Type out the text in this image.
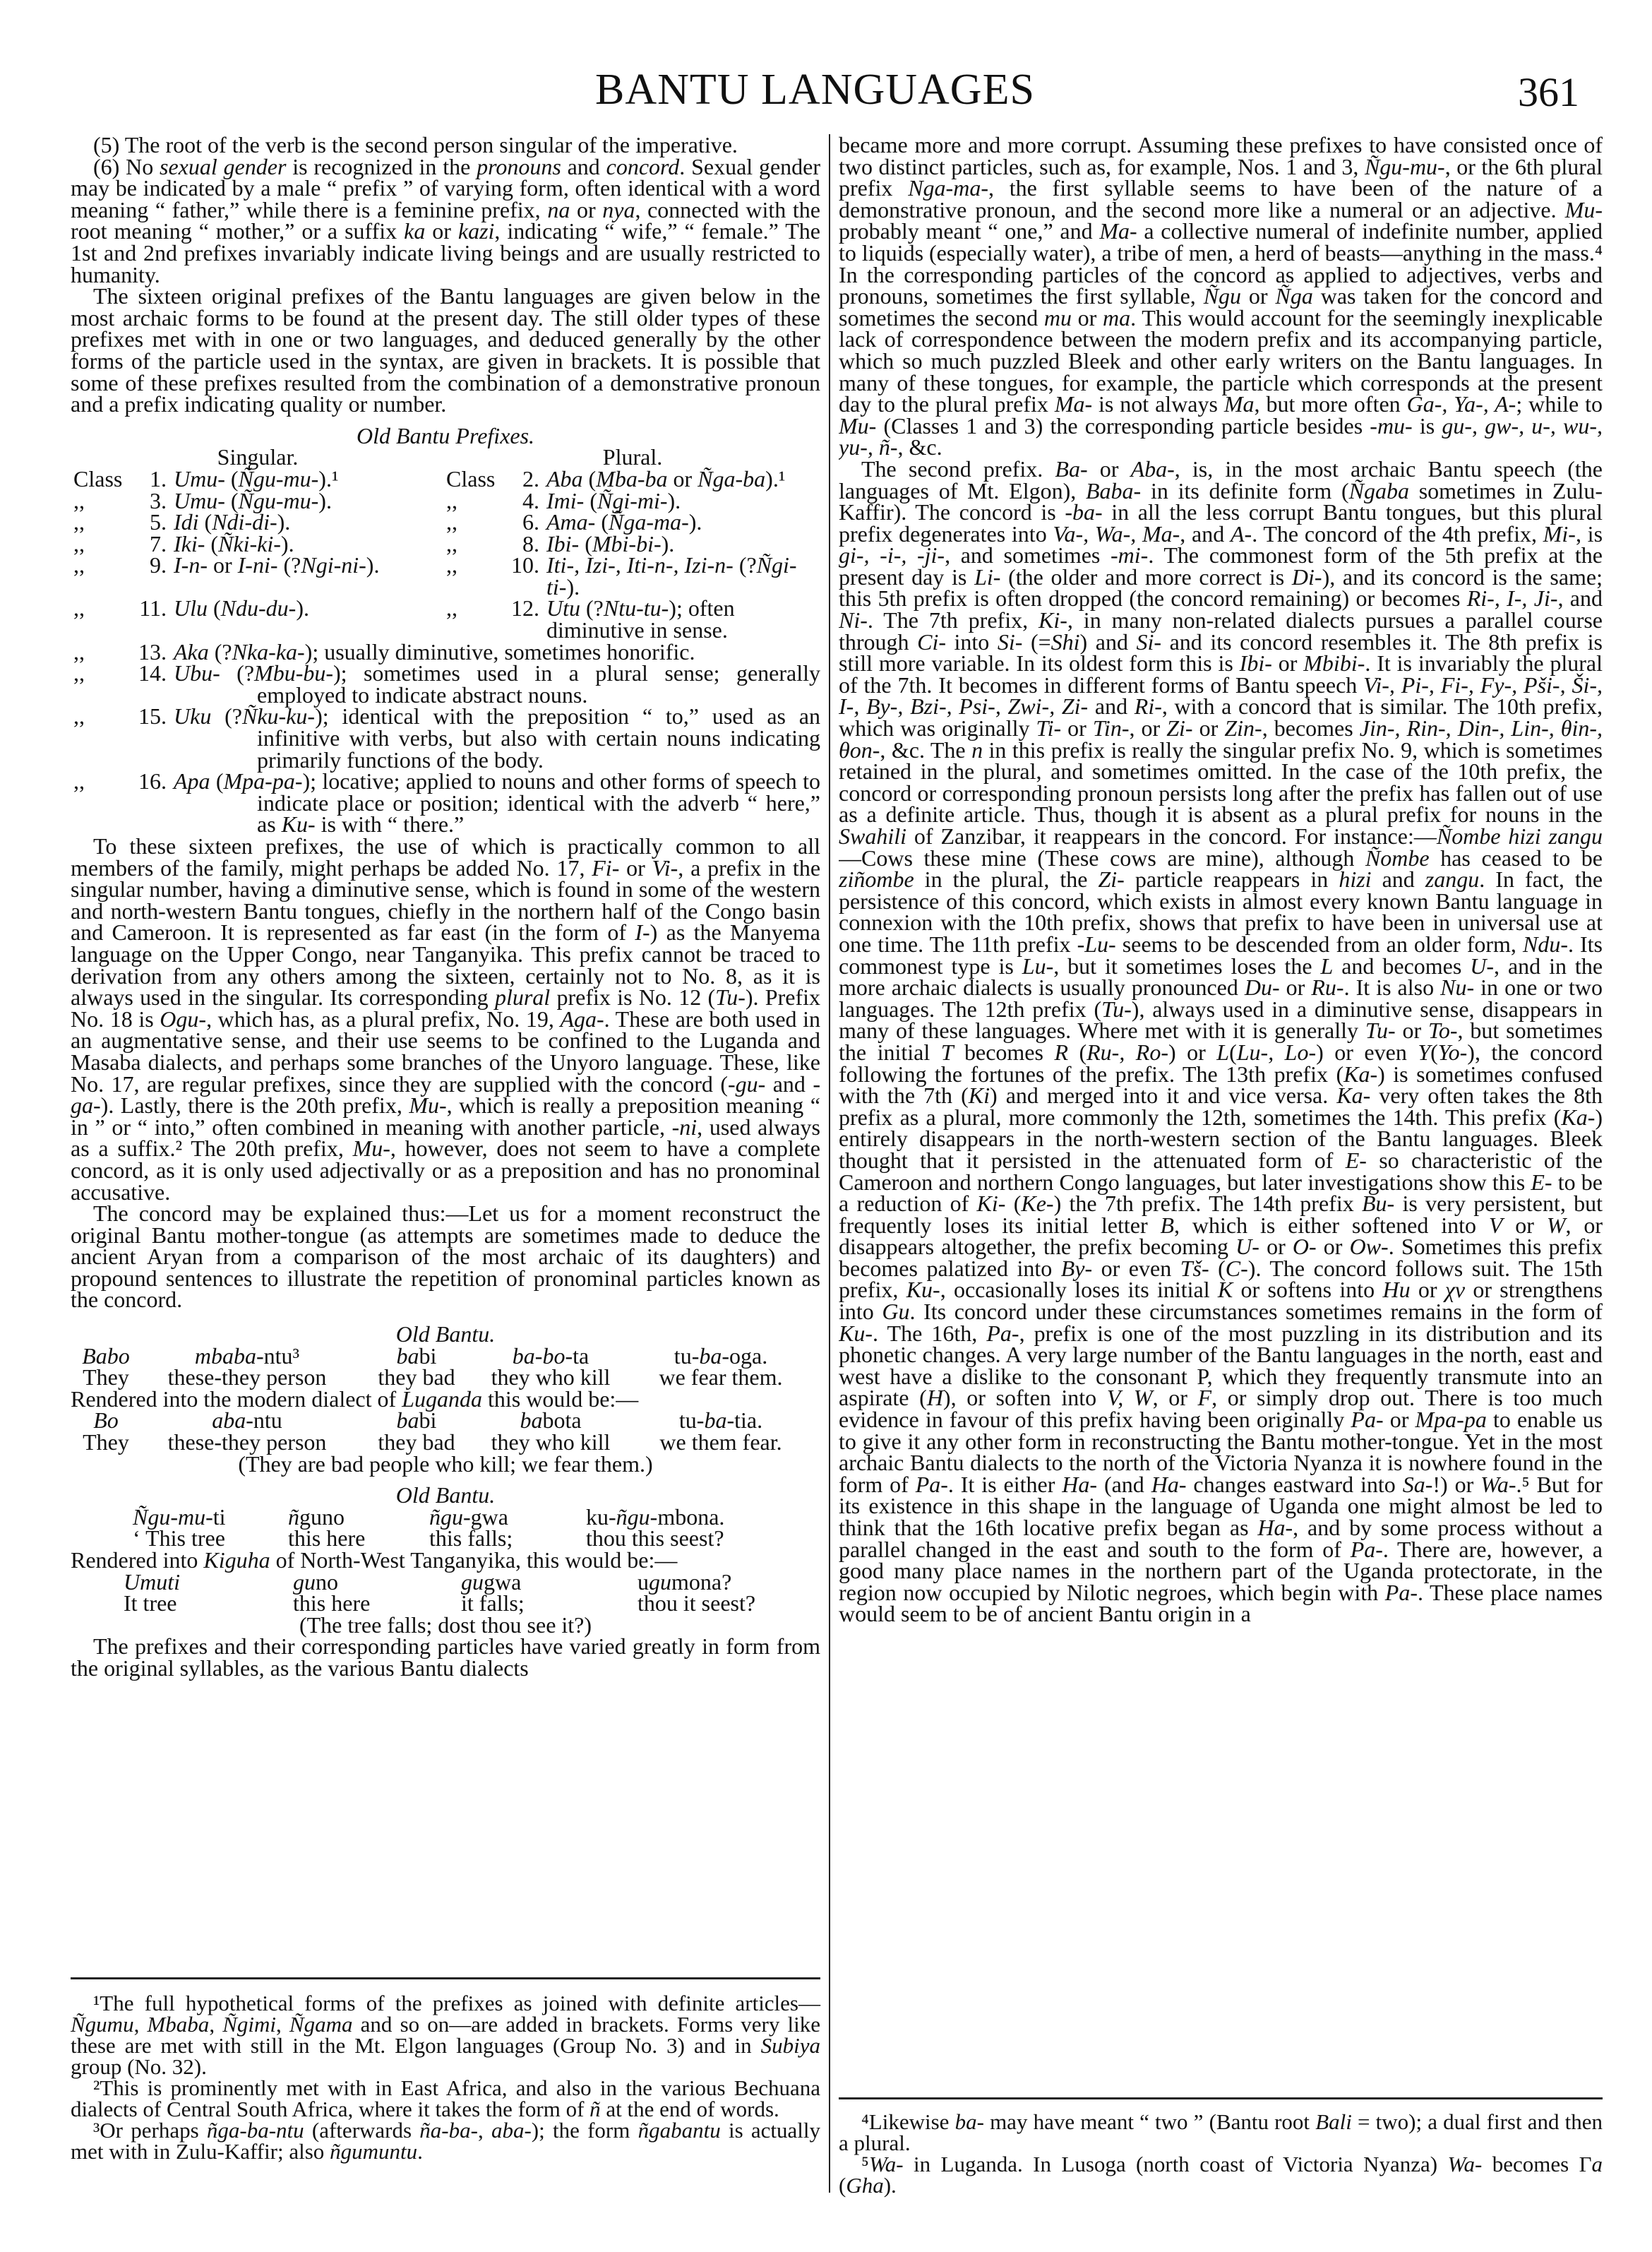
BANTU LANGUAGES	361

(5) The root of the verb is the second person singular of the imperative.

(6) No sexual gender is recognized in the pronouns and concord. Sexual gender may be indicated by a male “ prefix ” of varying form, often identical with a word meaning “ father,” while there is a feminine prefix, na or nya, connected with the root meaning “ mother,” or a suffix ka or kazi, indicating “ wife,” “ female.” The 1st and 2nd prefixes invariably indicate living beings and are usually restricted to humanity.

The sixteen original prefixes of the Bantu languages are given below in the most archaic forms to be found at the present day. The still older types of these prefixes met with in one or two languages, and deduced generally by the other forms of the particle used in the syntax, are given in brackets. It is possible that some of these prefixes resulted from the combination of a demonstrative pronoun and a prefix indicating quality or number.

Old Bantu Prefixes.

Singular.	Plural.
Class	1. Umu- (Ñgu-mu-).¹	Class	2. Aba (Mba-ba or Ñga-ba).¹
,,	3. Umu- (Ñgu-mu-).	,,	4. Imi- (Ñgi-mi-).
,,	5. Idi (Ndi-di-).	,,	6. Ama- (Ñga-ma-).
,,	7. Iki- (Ñki-ki-).	,,	8. Ibi- (Mbi-bi-).
,,	9. I-n- or I-ni- (?Ngi-ni-).	,,	10. Iti-, Izi-, Iti-n-, Izi-n- (?Ñgi-ti-).
,,	11. Ulu (Ndu-du-).	,,	12. Utu (?Ntu-tu-); often diminutive in sense.
,,	13. Aka (?Nka-ka-); usually diminutive, sometimes honorific.
,,	14. Ubu- (?Mbu-bu-); sometimes used in a plural sense; generally employed to indicate abstract nouns.
,,	15. Uku (?Ñku-ku-); identical with the preposition “ to,” used as an infinitive with verbs, but also with certain nouns indicating primarily functions of the body.
,,	16. Apa (Mpa-pa-); locative; applied to nouns and other forms of speech to indicate place or position; identical with the adverb “ here,” as Ku- is with “ there.”

To these sixteen prefixes, the use of which is practically common to all members of the family, might perhaps be added No. 17, Fi- or Vi-, a prefix in the singular number, having a diminutive sense, which is found in some of the western and north-western Bantu tongues, chiefly in the northern half of the Congo basin and Cameroon. It is represented as far east (in the form of I-) as the Manyema language on the Upper Congo, near Tanganyika. This prefix cannot be traced to derivation from any others among the sixteen, certainly not to No. 8, as it is always used in the singular. Its corresponding plural prefix is No. 12 (Tu-). Prefix No. 18 is Ogu-, which has, as a plural prefix, No. 19, Aga-. These are both used in an augmentative sense, and their use seems to be confined to the Luganda and Masaba dialects, and perhaps some branches of the Unyoro language. These, like No. 17, are regular prefixes, since they are supplied with the concord (-gu- and -ga-). Lastly, there is the 20th prefix, Mu-, which is really a preposition meaning “ in ” or “ into,” often combined in meaning with another particle, -ni, used always as a suffix.² The 20th prefix, Mu-, however, does not seem to have a complete concord, as it is only used adjectivally or as a preposition and has no pronominal accusative.

The concord may be explained thus:—Let us for a moment reconstruct the original Bantu mother-tongue (as attempts are sometimes made to deduce the ancient Aryan from a comparison of the most archaic of its daughters) and propound sentences to illustrate the repetition of pronominal particles known as the concord.

Old Bantu.

Babo	mbaba-ntu³	babi	ba-bo-ta	tu-ba-oga.
They	these-they person	they bad	they who kill	we fear them.

Rendered into the modern dialect of Luganda this would be:—

Bo	aba-ntu	babi	babota	tu-ba-tia.
They	these-they person	they bad	they who kill	we them fear.

(They are bad people who kill; we fear them.)

Old Bantu.

Ñgu-mu-ti	ñguno	ñgu-gwa	ku-ñgu-mbona.
‘ This tree	this here	this falls;	thou this seest?

Rendered into Kiguha of North-West Tanganyika, this would be:—

Umuti	guno	gugwa	ugumona?
It tree	this here	it falls;	thou it seest?

(The tree falls; dost thou see it?)

The prefixes and their corresponding particles have varied greatly in form from the original syllables, as the various Bantu dialects

became more and more corrupt. Assuming these prefixes to have consisted once of two distinct particles, such as, for example, Nos. 1 and 3, Ñgu-mu-, or the 6th plural prefix Nga-ma-, the first syllable seems to have been of the nature of a demonstrative pronoun, and the second more like a numeral or an adjective. Mu- probably meant “ one,” and Ma- a collective numeral of indefinite number, applied to liquids (especially water), a tribe of men, a herd of beasts—anything in the mass.⁴ In the corresponding particles of the concord as applied to adjectives, verbs and pronouns, sometimes the first syllable, Ñgu or Ñga was taken for the concord and sometimes the second mu or ma. This would account for the seemingly inexplicable lack of correspondence between the modern prefix and its accompanying particle, which so much puzzled Bleek and other early writers on the Bantu languages. In many of these tongues, for example, the particle which corresponds at the present day to the plural prefix Ma- is not always Ma, but more often Ga-, Ya-, A-; while to Mu- (Classes 1 and 3) the corresponding particle besides -mu- is gu-, gw-, u-, wu-, yu-, ñ-, &c.

The second prefix. Ba- or Aba-, is, in the most archaic Bantu speech (the languages of Mt. Elgon), Baba- in its definite form (Ñgaba sometimes in Zulu-Kaffir). The concord is -ba- in all the less corrupt Bantu tongues, but this plural prefix degenerates into Va-, Wa-, Ma-, and A-. The concord of the 4th prefix, Mi-, is gi-, -i-, -ji-, and sometimes -mi-. The commonest form of the 5th prefix at the present day is Li- (the older and more correct is Di-), and its concord is the same; this 5th prefix is often dropped (the concord remaining) or becomes Ri-, I-, Ji-, and Ni-. The 7th prefix, Ki-, in many non-related dialects pursues a parallel course through Ci- into Si- (=Shi) and Si- and its concord resembles it. The 8th prefix is still more variable. In its oldest form this is Ibi- or Mbibi-. It is invariably the plural of the 7th. It becomes in different forms of Bantu speech Vi-, Pi-, Fi-, Fy-, Pši-, Ši-, I-, By-, Bzi-, Psi-, Zwi-, Zi- and Ri-, with a concord that is similar. The 10th prefix, which was originally Ti- or Tin-, or Zi- or Zin-, becomes Jin-, Rin-, Din-, Lin-, θin-, θon-, &c. The n in this prefix is really the singular prefix No. 9, which is sometimes retained in the plural, and sometimes omitted. In the case of the 10th prefix, the concord or corresponding pronoun persists long after the prefix has fallen out of use as a definite article. Thus, though it is absent as a plural prefix for nouns in the Swahili of Zanzibar, it reappears in the concord. For instance:—Ñombe hizi zangu—Cows these mine (These cows are mine), although Ñombe has ceased to be ziñombe in the plural, the Zi- particle reappears in hizi and zangu. In fact, the persistence of this concord, which exists in almost every known Bantu language in connexion with the 10th prefix, shows that prefix to have been in universal use at one time. The 11th prefix -Lu- seems to be descended from an older form, Ndu-. Its commonest type is Lu-, but it sometimes loses the L and becomes U-, and in the more archaic dialects is usually pronounced Du- or Ru-. It is also Nu- in one or two languages. The 12th prefix (Tu-), always used in a diminutive sense, disappears in many of these languages. Where met with it is generally Tu- or To-, but sometimes the initial T becomes R (Ru-, Ro-) or L(Lu-, Lo-) or even Y(Yo-), the concord following the fortunes of the prefix. The 13th prefix (Ka-) is sometimes confused with the 7th (Ki) and merged into it and vice versa. Ka- very often takes the 8th prefix as a plural, more commonly the 12th, sometimes the 14th. This prefix (Ka-) entirely disappears in the north-western section of the Bantu languages. Bleek thought that it persisted in the attenuated form of E- so characteristic of the Cameroon and northern Congo languages, but later investigations show this E- to be a reduction of Ki- (Ke-) the 7th prefix. The 14th prefix Bu- is very persistent, but frequently loses its initial letter B, which is either softened into V or W, or disappears altogether, the prefix becoming U- or O- or Ow-. Sometimes this prefix becomes palatized into By- or even Tš- (C-). The concord follows suit. The 15th prefix, Ku-, occasionally loses its initial K or softens into Hu or χv or strengthens into Gu. Its concord under these circumstances sometimes remains in the form of Ku-. The 16th, Pa-, prefix is one of the most puzzling in its distribution and its phonetic changes. A very large number of the Bantu languages in the north, east and west have a dislike to the consonant P, which they frequently transmute into an aspirate (H), or soften into V, W, or F, or simply drop out. There is too much evidence in favour of this prefix having been originally Pa- or Mpa-pa to enable us to give it any other form in reconstructing the Bantu mother-tongue. Yet in the most archaic Bantu dialects to the north of the Victoria Nyanza it is nowhere found in the form of Pa-. It is either Ha- (and Ha- changes eastward into Sa-!) or Wa-.⁵ But for its existence in this shape in the language of Uganda one might almost be led to think that the 16th locative prefix began as Ha-, and by some process without a parallel changed in the east and south to the form of Pa-. There are, however, a good many place names in the northern part of the Uganda protectorate, in the region now occupied by Nilotic negroes, which begin with Pa-. These place names would seem to be of ancient Bantu origin in a

¹The full hypothetical forms of the prefixes as joined with definite articles—Ñgumu, Mbaba, Ñgimi, Ñgama and so on—are added in brackets. Forms very like these are met with still in the Mt. Elgon languages (Group No. 3) and in Subiya group (No. 32).

²This is prominently met with in East Africa, and also in the various Bechuana dialects of Central South Africa, where it takes the form of ñ at the end of words.

³Or perhaps ñga-ba-ntu (afterwards ña-ba-, aba-); the form ñgabantu is actually met with in Zulu-Kaffir; also ñgumuntu.

⁴Likewise ba- may have meant “ two ” (Bantu root Bali = two); a dual first and then a plural.

⁵Wa- in Luganda. In Lusoga (north coast of Victoria Nyanza) Wa- becomes Γa (Gha).
